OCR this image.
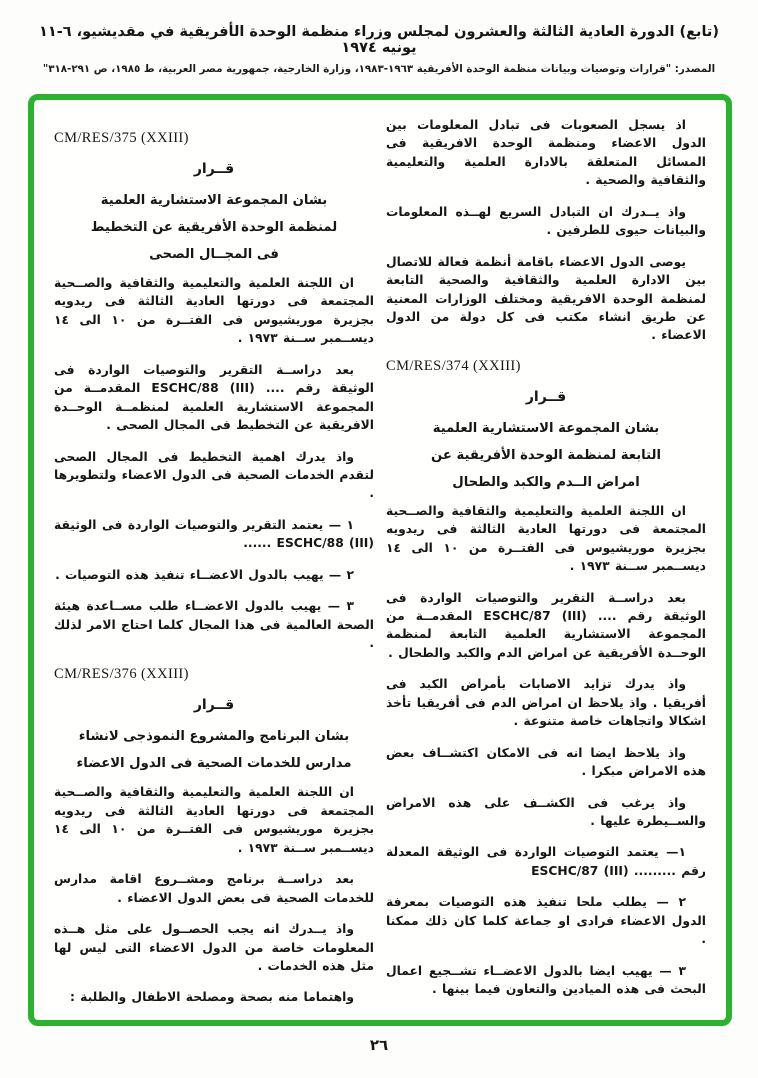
(تابع) الدورة العادية الثالثة والعشرون لمجلس وزراء منظمة الوحدة الأفريقية في مقديشيو، ٦-١١ يونيه ١٩٧٤
المصدر: "قرارات وتوصيات وبيانات منظمة الوحدة الأفريقية ١٩٦٣-١٩٨٣، وزارة الخارجية، جمهورية مصر العربية، ط ١٩٨٥، ص ٢٩١-٣١٨"
اذ يسجل الصعوبات فى تبادل المعلومات بين الدول الاعضاء ومنظمة الوحدة الافريقية فى المسائل المتعلقة بالادارة العلمية والتعليمية والثقافية والصحية .
واذ يــدرك ان التبادل السريع لهــذه المعلومات والبيانات حيوى للطرفين .
يوصى الدول الاعضاء باقامة أنظمة فعالة للاتصال بين الادارة العلمية والثقافية والصحية التابعة لمنظمة الوحدة الافريقية ومختلف الوزارات المعنية عن طريق انشاء مكتب فى كل دولة من الدول الاعضاء .
CM/RES/374 (XXIII)
قــرار
بشان المجموعة الاستشارية العلمية
التابعة لمنظمة الوحدة الأفريقية عن
امراض الــدم والكبد والطحال
ان اللجنة العلمية والتعليمية والثقافية والصــحية المجتمعة فى دورتها العادية الثالثة فى ريدويه بجزيرة موريشيوس فى الفتــرة من ١٠ الى ١٤ ديســمبر ســنة ١٩٧٣ .
بعد دراســة التقرير والتوصيات الواردة فى الوثيقة رقم .... ESCHC/87 (III) المقدمــة من المجموعة الاستشارية العلمية التابعة لمنظمة الوحــدة الأفريقية عن امراض الدم والكبد والطحال .
واذ يدرك تزايد الاصابات بأمراض الكبد فى أفريقيا . واذ يلاحظ ان امراض الدم فى أفريقيا تأخذ اشكالا واتجاهات خاصة متنوعة .
واذ يلاحظ ايضا انه فى الامكان اكتشــاف بعض هذه الامراض مبكرا .
واذ يرغب فى الكشــف على هذه الامراض والســيطرة عليها .
١— يعتمد التوصيات الواردة فى الوثيقة المعدلة رقم ......... ESCHC/87 (III)
٢ — يطلب ملحا تنفيذ هذه التوصيات بمعرفة الدول الاعضاء فرادى او جماعة كلما كان ذلك ممكنا .
٣ — يهيب ايضا بالدول الاعضــاء تشــجيع اعمال البحث فى هذه الميادين والتعاون فيما بينها .
CM/RES/375 (XXIII)
قــرار
بشان المجموعة الاستشارية العلمية
لمنظمة الوحدة الأفريقية عن التخطيط
فى المجــال الصحى
ان اللجنة العلمية والتعليمية والثقافية والصــحية المجتمعة فى دورتها العادية الثالثة فى ريدويه بجزيرة موريشيوس فى الفتــرة من ١٠ الى ١٤ ديســمبر ســنة ١٩٧٣ .
بعد دراســة التقرير والتوصيات الواردة فى الوثيقة رقم .... ESCHC/88 (III) المقدمــة من المجموعة الاستشارية العلمية لمنظمــة الوحــدة الافريقية عن التخطيط فى المجال الصحى .
واذ يدرك اهمية التخطيط فى المجال الصحى لتقدم الخدمات الصحية فى الدول الاعضاء ولتطويرها .
١ — يعتمد التقرير والتوصيات الواردة فى الوثيقة ESCHC/88 (III) ......
٢ — يهيب بالدول الاعضــاء تنفيذ هذه التوصيات .
٣ — يهيب بالدول الاعضــاء طلب مســاعدة هيئة الصحة العالمية فى هذا المجال كلما احتاج الامر لذلك .
CM/RES/376 (XXIII)
قــرار
بشان البرنامج والمشروع النموذجى لانشاء
مدارس للخدمات الصحية فى الدول الاعضاء
ان اللجنة العلمية والتعليمية والثقافية والصــحية المجتمعة فى دورتها العادية الثالثة فى ريدويه بجزيرة موريشيوس فى الفتــرة من ١٠ الى ١٤ ديســمبر ســنة ١٩٧٣ .
بعد دراســة برنامج ومشــروع اقامة مدارس للخدمات الصحية فى بعض الدول الاعضاء .
واذ يــدرك انه يجب الحصــول على مثل هــذه المعلومات خاصة من الدول الاعضاء التى ليس لها مثل هذه الخدمات .
واهتماما منه بصحة ومصلحة الاطفال والطلبة :
٢٦
